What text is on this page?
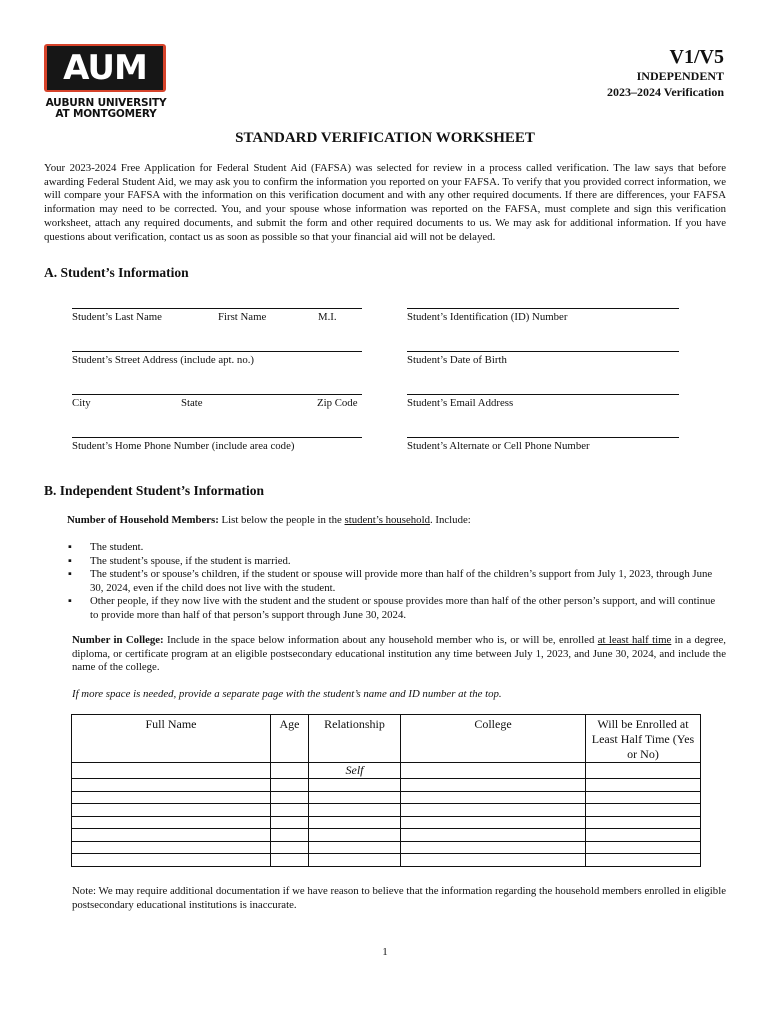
AUM
AUBURN UNIVERSITY
AT MONTGOMERY
V1/V5
INDEPENDENT
2023–2024 Verification
STANDARD VERIFICATION WORKSHEET
Your 2023-2024 Free Application for Federal Student Aid (FAFSA) was selected for review in a process called verification. The law says that before awarding Federal Student Aid, we may ask you to confirm the information you reported on your FAFSA. To verify that you provided correct information, we will compare your FAFSA with the information on this verification document and with any other required documents. If there are differences, your FAFSA information may need to be corrected. You, and your spouse whose information was reported on the FAFSA, must complete and sign this verification worksheet, attach any required documents, and submit the form and other required documents to us. We may ask for additional information. If you have questions about verification, contact us as soon as possible so that your financial aid will not be delayed.
A. Student’s Information
Student’s Last Name	First Name	M.I.	Student’s Identification (ID) Number
Student’s Street Address (include apt. no.)	Student’s Date of Birth
City	State	Zip Code	Student’s Email Address
Student’s Home Phone Number (include area code)	Student’s Alternate or Cell Phone Number
B. Independent Student’s Information
Number of Household Members: List below the people in the student’s household. Include:
▪ The student.
▪ The student’s spouse, if the student is married.
▪ The student’s or spouse’s children, if the student or spouse will provide more than half of the children’s support from July 1, 2023, through June 30, 2024, even if the child does not live with the student.
▪ Other people, if they now live with the student and the student or spouse provides more than half of the other person’s support, and will continue to provide more than half of that person’s support through June 30, 2024.
Number in College: Include in the space below information about any household member who is, or will be, enrolled at least half time in a degree, diploma, or certificate program at an eligible postsecondary educational institution any time between July 1, 2023, and June 30, 2024, and include the name of the college.
If more space is needed, provide a separate page with the student’s name and ID number at the top.
Full Name	Age	Relationship	College	Will be Enrolled at Least Half Time (Yes or No)
		Self		

Note: We may require additional documentation if we have reason to believe that the information regarding the household members enrolled in eligible postsecondary educational institutions is inaccurate.
1
